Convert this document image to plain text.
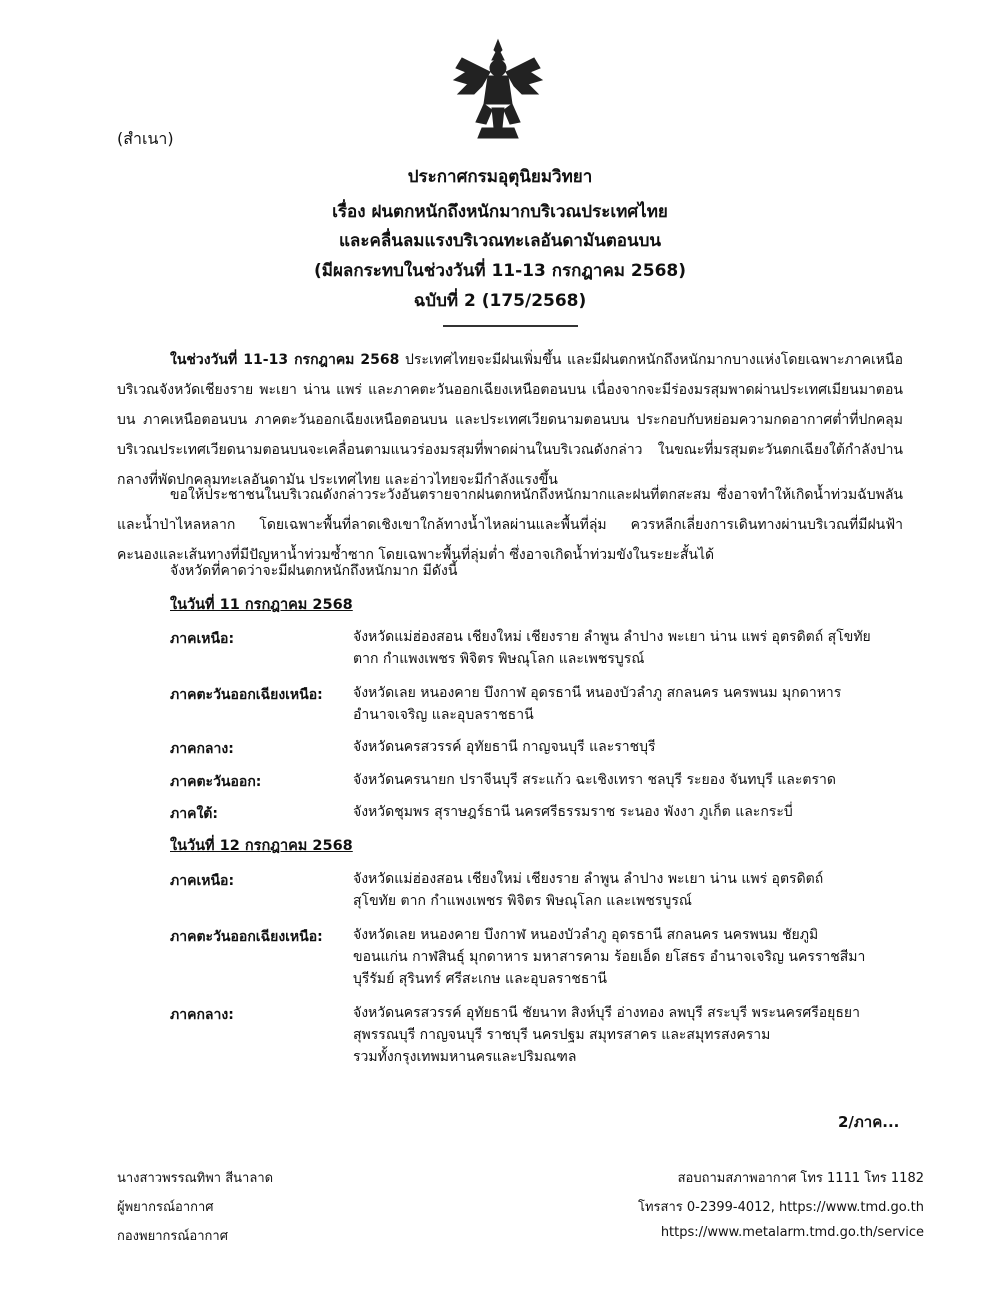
(สำเนา)
ประกาศกรมอุตุนิยมวิทยา
เรื่อง ฝนตกหนักถึงหนักมากบริเวณประเทศไทย
และคลื่นลมแรงบริเวณทะเลอันดามันตอนบน
(มีผลกระทบในช่วงวันที่ 11-13 กรกฎาคม 2568)
ฉบับที่ 2 (175/2568)
ในช่วงวันที่ 11-13 กรกฎาคม 2568 ประเทศไทยจะมีฝนเพิ่มขึ้น และมีฝนตกหนักถึงหนักมากบางแห่งโดยเฉพาะภาคเหนือบริเวณจังหวัดเชียงราย พะเยา น่าน แพร่ และภาคตะวันออกเฉียงเหนือตอนบน เนื่องจากจะมีร่องมรสุมพาดผ่านประเทศเมียนมาตอนบน ภาคเหนือตอนบน ภาคตะวันออกเฉียงเหนือตอนบน และประเทศเวียดนามตอนบน ประกอบกับหย่อมความกดอากาศต่ำที่ปกคลุมบริเวณประเทศเวียดนามตอนบนจะเคลื่อนตามแนวร่องมรสุมที่พาดผ่านในบริเวณดังกล่าว ในขณะที่มรสุมตะวันตกเฉียงใต้กำลังปานกลางที่พัดปกคลุมทะเลอันดามัน ประเทศไทย และอ่าวไทยจะมีกำลังแรงขึ้น
ขอให้ประชาชนในบริเวณดังกล่าวระวังอันตรายจากฝนตกหนักถึงหนักมากและฝนที่ตกสะสม ซึ่งอาจทำให้เกิดน้ำท่วมฉับพลันและน้ำป่าไหลหลาก โดยเฉพาะพื้นที่ลาดเชิงเขาใกล้ทางน้ำไหลผ่านและพื้นที่ลุ่ม ควรหลีกเลี่ยงการเดินทางผ่านบริเวณที่มีฝนฟ้าคะนองและเส้นทางที่มีปัญหาน้ำท่วมซ้ำซาก โดยเฉพาะพื้นที่ลุ่มต่ำ ซึ่งอาจเกิดน้ำท่วมขังในระยะสั้นได้
จังหวัดที่คาดว่าจะมีฝนตกหนักถึงหนักมาก มีดังนี้
ในวันที่ 11 กรกฎาคม 2568
ภาคเหนือ:	จังหวัดแม่ฮ่องสอน เชียงใหม่ เชียงราย ลำพูน ลำปาง พะเยา น่าน แพร่ อุตรดิตถ์ สุโขทัย
ตาก กำแพงเพชร พิจิตร พิษณุโลก และเพชรบูรณ์
ภาคตะวันออกเฉียงเหนือ: จังหวัดเลย หนองคาย บึงกาฬ อุดรธานี หนองบัวลำภู สกลนคร นครพนม มุกดาหาร
อำนาจเจริญ และอุบลราชธานี
ภาคกลาง:	จังหวัดนครสวรรค์ อุทัยธานี กาญจนบุรี และราชบุรี
ภาคตะวันออก:	จังหวัดนครนายก ปราจีนบุรี สระแก้ว ฉะเชิงเทรา ชลบุรี ระยอง จันทบุรี และตราด
ภาคใต้:	จังหวัดชุมพร สุราษฎร์ธานี นครศรีธรรมราช ระนอง พังงา ภูเก็ต และกระบี่
ในวันที่ 12 กรกฎาคม 2568
ภาคเหนือ:	จังหวัดแม่ฮ่องสอน เชียงใหม่ เชียงราย ลำพูน ลำปาง พะเยา น่าน แพร่ อุตรดิตถ์
สุโขทัย ตาก กำแพงเพชร พิจิตร พิษณุโลก และเพชรบูรณ์
ภาคตะวันออกเฉียงเหนือ: จังหวัดเลย หนองคาย บึงกาฬ หนองบัวลำภู อุดรธานี สกลนคร นครพนม ชัยภูมิ
ขอนแก่น กาฬสินธุ์ มุกดาหาร มหาสารคาม ร้อยเอ็ด ยโสธร อำนาจเจริญ นครราชสีมา
บุรีรัมย์ สุรินทร์ ศรีสะเกษ และอุบลราชธานี
ภาคกลาง:	จังหวัดนครสวรรค์ อุทัยธานี ชัยนาท สิงห์บุรี อ่างทอง ลพบุรี สระบุรี พระนครศรีอยุธยา
สุพรรณบุรี กาญจนบุรี ราชบุรี นครปฐม สมุทรสาคร และสมุทรสงคราม
รวมทั้งกรุงเทพมหานครและปริมณฑล
2/ภาค...
นางสาวพรรณทิพา สีนาลาด
ผู้พยากรณ์อากาศ
กองพยากรณ์อากาศ
สอบถามสภาพอากาศ โทร 1111 โทร 1182
โทรสาร 0-2399-4012, https://www.tmd.go.th
https://www.metalarm.tmd.go.th/service
